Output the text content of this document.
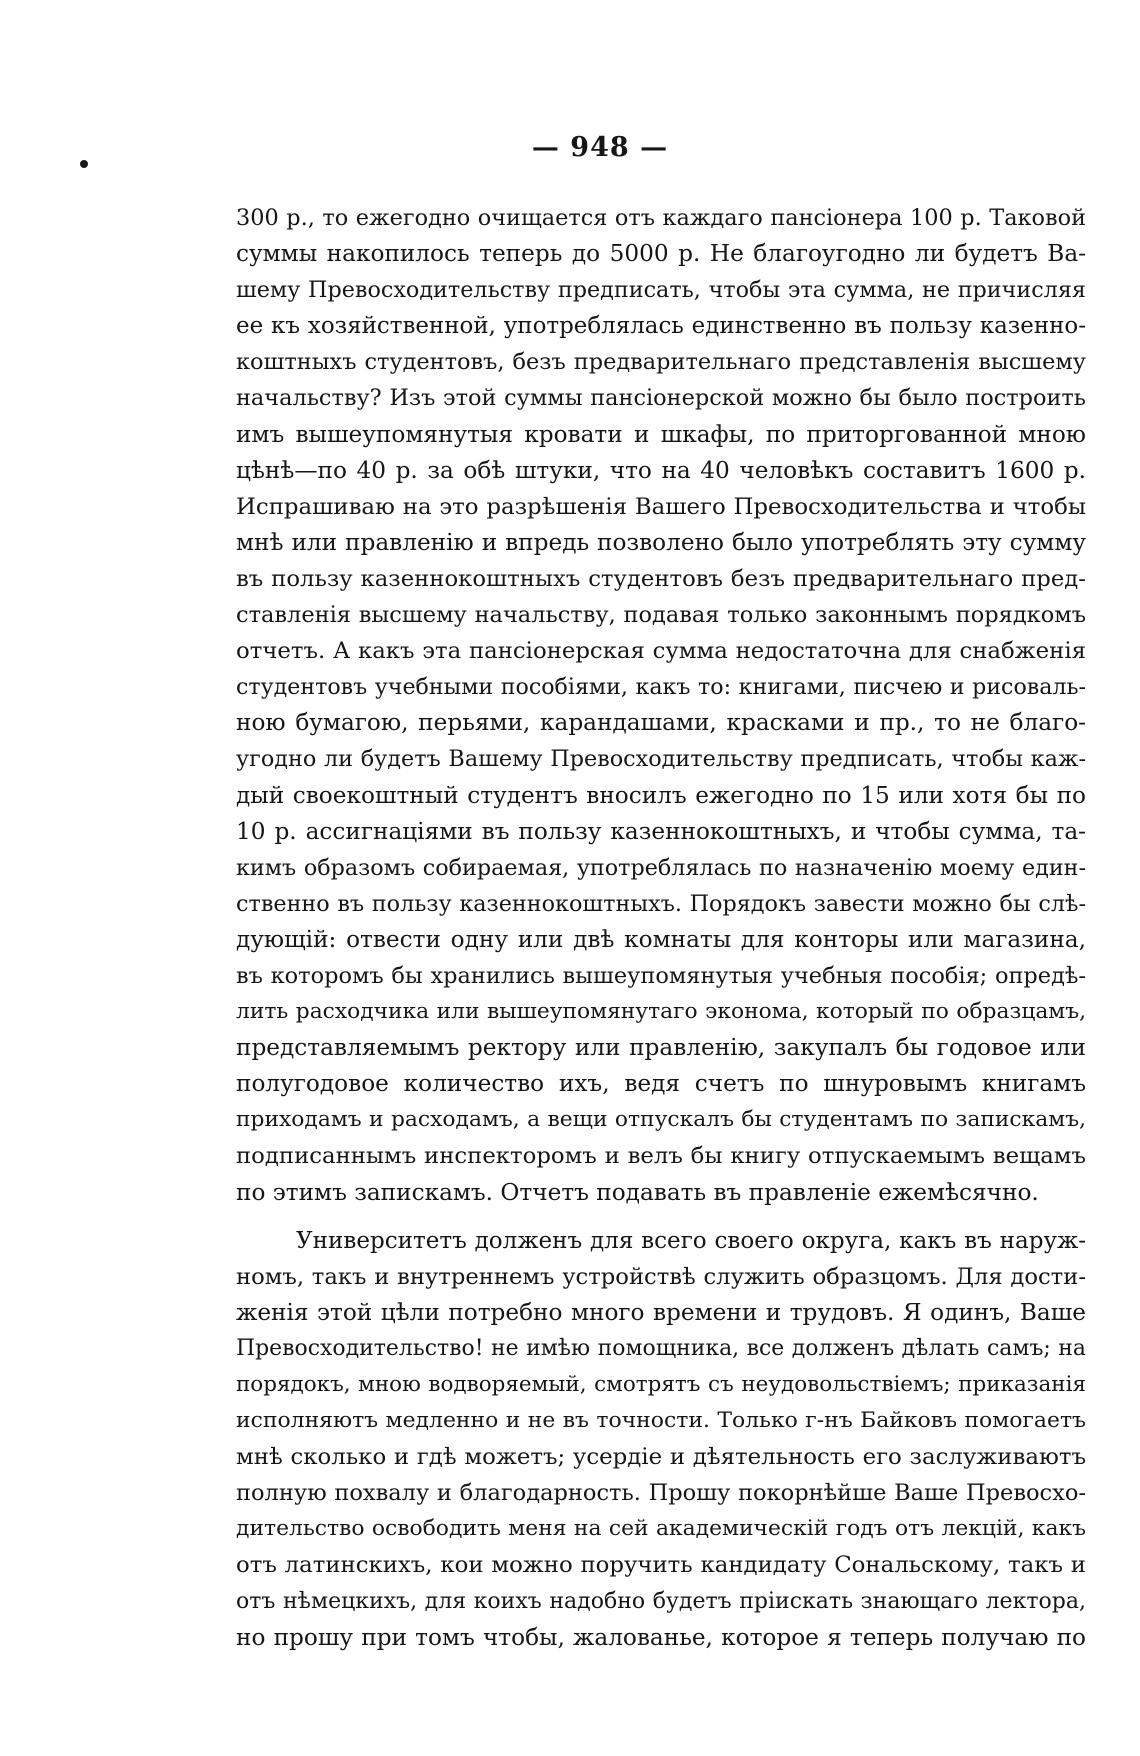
— 948 —
300 р., то ежегодно очищается отъ каждаго пансіонера 100 р. Таковой
суммы накопилось теперь до 5000 р. Не благоугодно ли будетъ Ва-
шему Превосходительству предписать, чтобы эта сумма, не причисляя
ее къ хозяйственной, употреблялась единственно въ пользу казенно-
коштныхъ студентовъ, безъ предварительнаго представленія высшему
начальству? Изъ этой суммы пансіонерской можно бы было построить
имъ вышеупомянутыя кровати и шкафы, по приторгованной мною
цѣнѣ—по 40 р. за обѣ штуки, что на 40 человѣкъ составитъ 1600 р.
Испрашиваю на это разрѣшенія Вашего Превосходительства и чтобы
мнѣ или правленію и впредь позволено было употреблять эту сумму
въ пользу казеннокоштныхъ студентовъ безъ предварительнаго пред-
ставленія высшему начальству, подавая только законнымъ порядкомъ
отчетъ. А какъ эта пансіонерская сумма недостаточна для снабженія
студентовъ учебными пособіями, какъ то: книгами, писчею и рисоваль-
ною бумагою, перьями, карандашами, красками и пр., то не благо-
угодно ли будетъ Вашему Превосходительству предписать, чтобы каж-
дый своекоштный студентъ вносилъ ежегодно по 15 или хотя бы по
10 р. ассигнаціями въ пользу казеннокоштныхъ, и чтобы сумма, та-
кимъ образомъ собираемая, употреблялась по назначенію моему един-
ственно въ пользу казеннокоштныхъ. Порядокъ завести можно бы слѣ-
дующій: отвести одну или двѣ комнаты для конторы или магазина,
въ которомъ бы хранились вышеупомянутыя учебныя пособія; опредѣ-
лить расходчика или вышеупомянутаго эконома, который по образцамъ,
представляемымъ ректору или правленію, закупалъ бы годовое или
полугодовое количество ихъ, ведя счетъ по шнуровымъ книгамъ
приходамъ и расходамъ, а вещи отпускалъ бы студентамъ по запискамъ,
подписаннымъ инспекторомъ и велъ бы книгу отпускаемымъ вещамъ
по этимъ запискамъ. Отчетъ подавать въ правленіе ежемѣсячно.
Университетъ долженъ для всего своего округа, какъ въ наруж-
номъ, такъ и внутреннемъ устройствѣ служить образцомъ. Для дости-
женія этой цѣли потребно много времени и трудовъ. Я одинъ, Ваше
Превосходительство! не имѣю помощника, все долженъ дѣлать самъ; на
порядокъ, мною водворяемый, смотрятъ съ неудовольствіемъ; приказанія
исполняютъ медленно и не въ точности. Только г-нъ Байковъ помогаетъ
мнѣ сколько и гдѣ можетъ; усердіе и дѣятельность его заслуживаютъ
полную похвалу и благодарность. Прошу покорнѣйше Ваше Превосхо-
дительство освободить меня на сей академическій годъ отъ лекцій, какъ
отъ латинскихъ, кои можно поручить кандидату Сональскому, такъ и
отъ нѣмецкихъ, для коихъ надобно будетъ пріискать знающаго лектора,
но прошу при томъ чтобы, жалованье, которое я теперь получаю по
